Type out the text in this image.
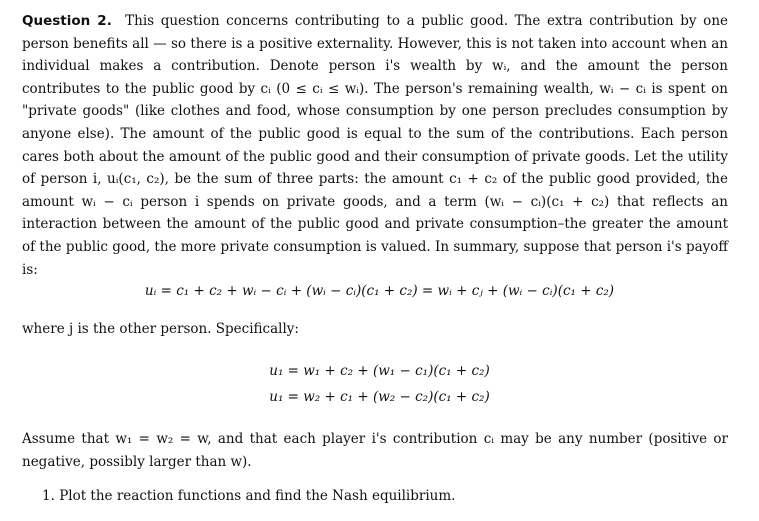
Question 2. This question concerns contributing to a public good. The extra contribution by one person benefits all — so there is a positive externality. However, this is not taken into account when an individual makes a contribution. Denote person i's wealth by wᵢ, and the amount the person contributes to the public good by cᵢ (0 ≤ cᵢ ≤ wᵢ). The person's remaining wealth, wᵢ − cᵢ is spent on "private goods" (like clothes and food, whose consumption by one person precludes consumption by anyone else). The amount of the public good is equal to the sum of the contributions. Each person cares both about the amount of the public good and their consumption of private goods. Let the utility of person i, uᵢ(c₁, c₂), be the sum of three parts: the amount c₁ + c₂ of the public good provided, the amount wᵢ − cᵢ person i spends on private goods, and a term (wᵢ − cᵢ)(c₁ + c₂) that reflects an interaction between the amount of the public good and private consumption–the greater the amount of the public good, the more private consumption is valued. In summary, suppose that person i's payoff is:

uᵢ = c₁ + c₂ + wᵢ − cᵢ + (wᵢ − cᵢ)(c₁ + c₂) = wᵢ + cⱼ + (wᵢ − cᵢ)(c₁ + c₂)

where j is the other person. Specifically:

u₁ = w₁ + c₂ + (w₁ − c₁)(c₁ + c₂)
u₁ = w₂ + c₁ + (w₂ − c₂)(c₁ + c₂)

Assume that w₁ = w₂ = w, and that each player i's contribution cᵢ may be any number (positive or negative, possibly larger than w).

1. Plot the reaction functions and find the Nash equilibrium.
